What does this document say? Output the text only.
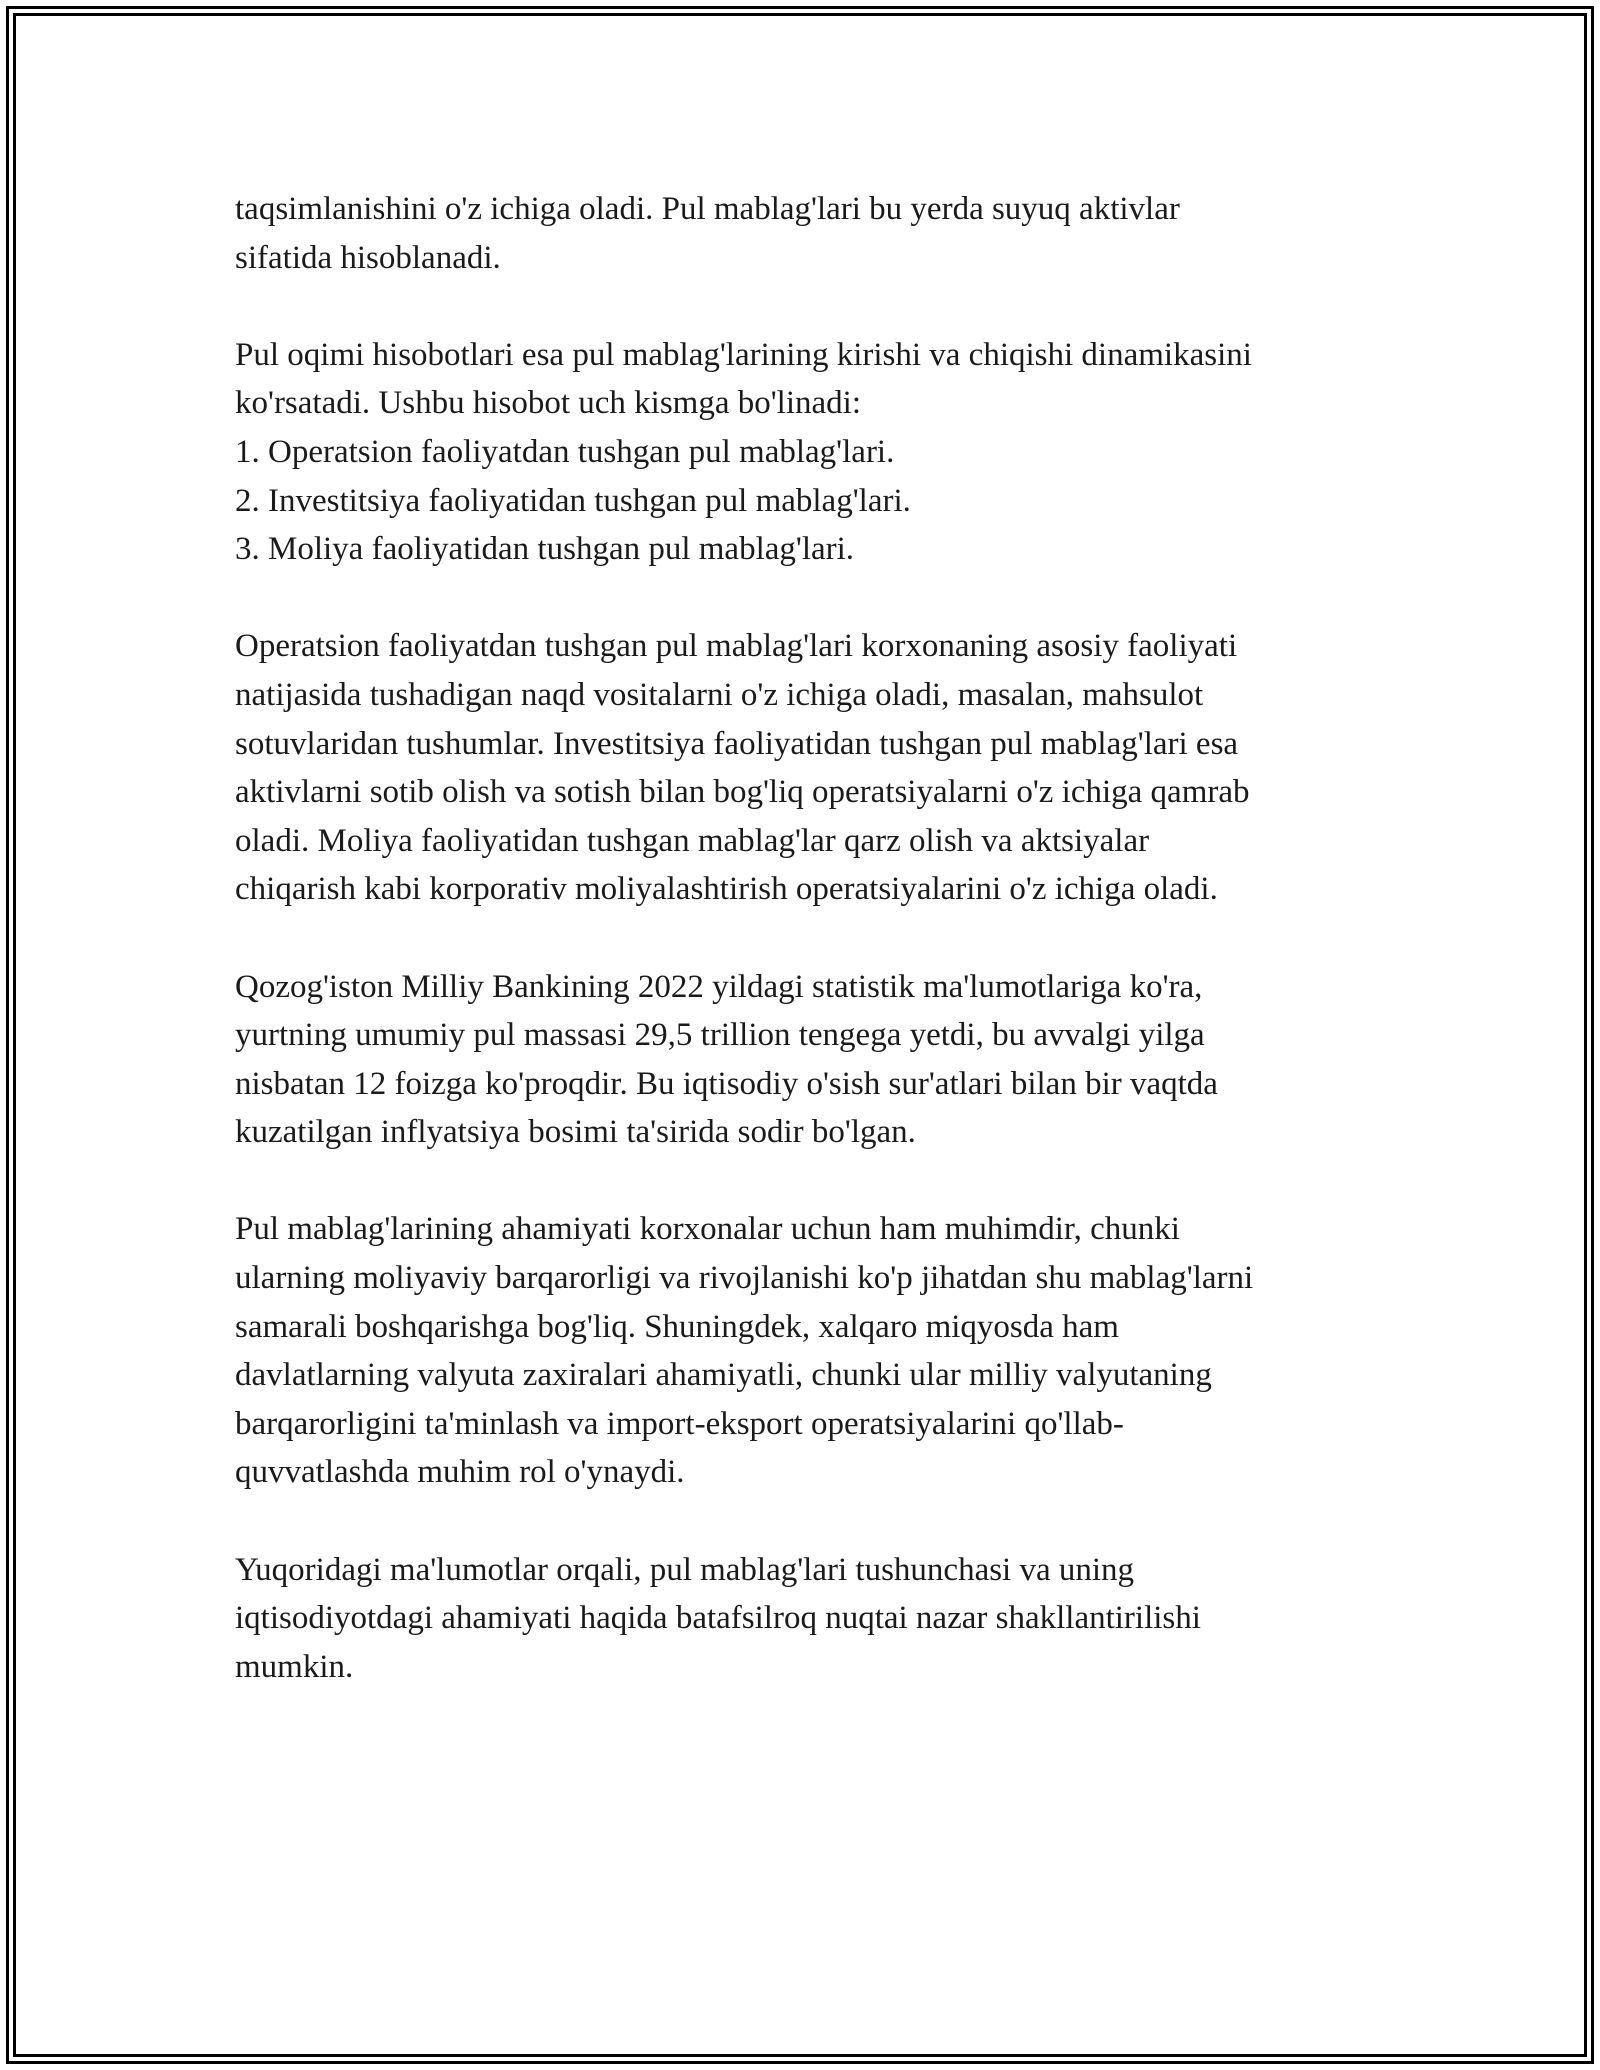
taqsimlanishini o'z ichiga oladi. Pul mablag'lari bu yerda suyuq aktivlar
sifatida hisoblanadi.

Pul oqimi hisobotlari esa pul mablag'larining kirishi va chiqishi dinamikasini
ko'rsatadi. Ushbu hisobot uch kismga bo'linadi:
1. Operatsion faoliyatdan tushgan pul mablag'lari.
2. Investitsiya faoliyatidan tushgan pul mablag'lari.
3. Moliya faoliyatidan tushgan pul mablag'lari.

Operatsion faoliyatdan tushgan pul mablag'lari korxonaning asosiy faoliyati
natijasida tushadigan naqd vositalarni o'z ichiga oladi, masalan, mahsulot
sotuvlaridan tushumlar. Investitsiya faoliyatidan tushgan pul mablag'lari esa
aktivlarni sotib olish va sotish bilan bog'liq operatsiyalarni o'z ichiga qamrab
oladi. Moliya faoliyatidan tushgan mablag'lar qarz olish va aktsiyalar
chiqarish kabi korporativ moliyalashtirish operatsiyalarini o'z ichiga oladi.

Qozog'iston Milliy Bankining 2022 yildagi statistik ma'lumotlariga ko'ra,
yurtning umumiy pul massasi 29,5 trillion tengega yetdi, bu avvalgi yilga
nisbatan 12 foizga ko'proqdir. Bu iqtisodiy o'sish sur'atlari bilan bir vaqtda
kuzatilgan inflyatsiya bosimi ta'sirida sodir bo'lgan.

Pul mablag'larining ahamiyati korxonalar uchun ham muhimdir, chunki
ularning moliyaviy barqarorligi va rivojlanishi ko'p jihatdan shu mablag'larni
samarali boshqarishga bog'liq. Shuningdek, xalqaro miqyosda ham
davlatlarning valyuta zaxiralari ahamiyatli, chunki ular milliy valyutaning
barqarorligini ta'minlash va import-eksport operatsiyalarini qo'llab-
quvvatlashda muhim rol o'ynaydi.

Yuqoridagi ma'lumotlar orqali, pul mablag'lari tushunchasi va uning
iqtisodiyotdagi ahamiyati haqida batafsilroq nuqtai nazar shakllantirilishi
mumkin.
